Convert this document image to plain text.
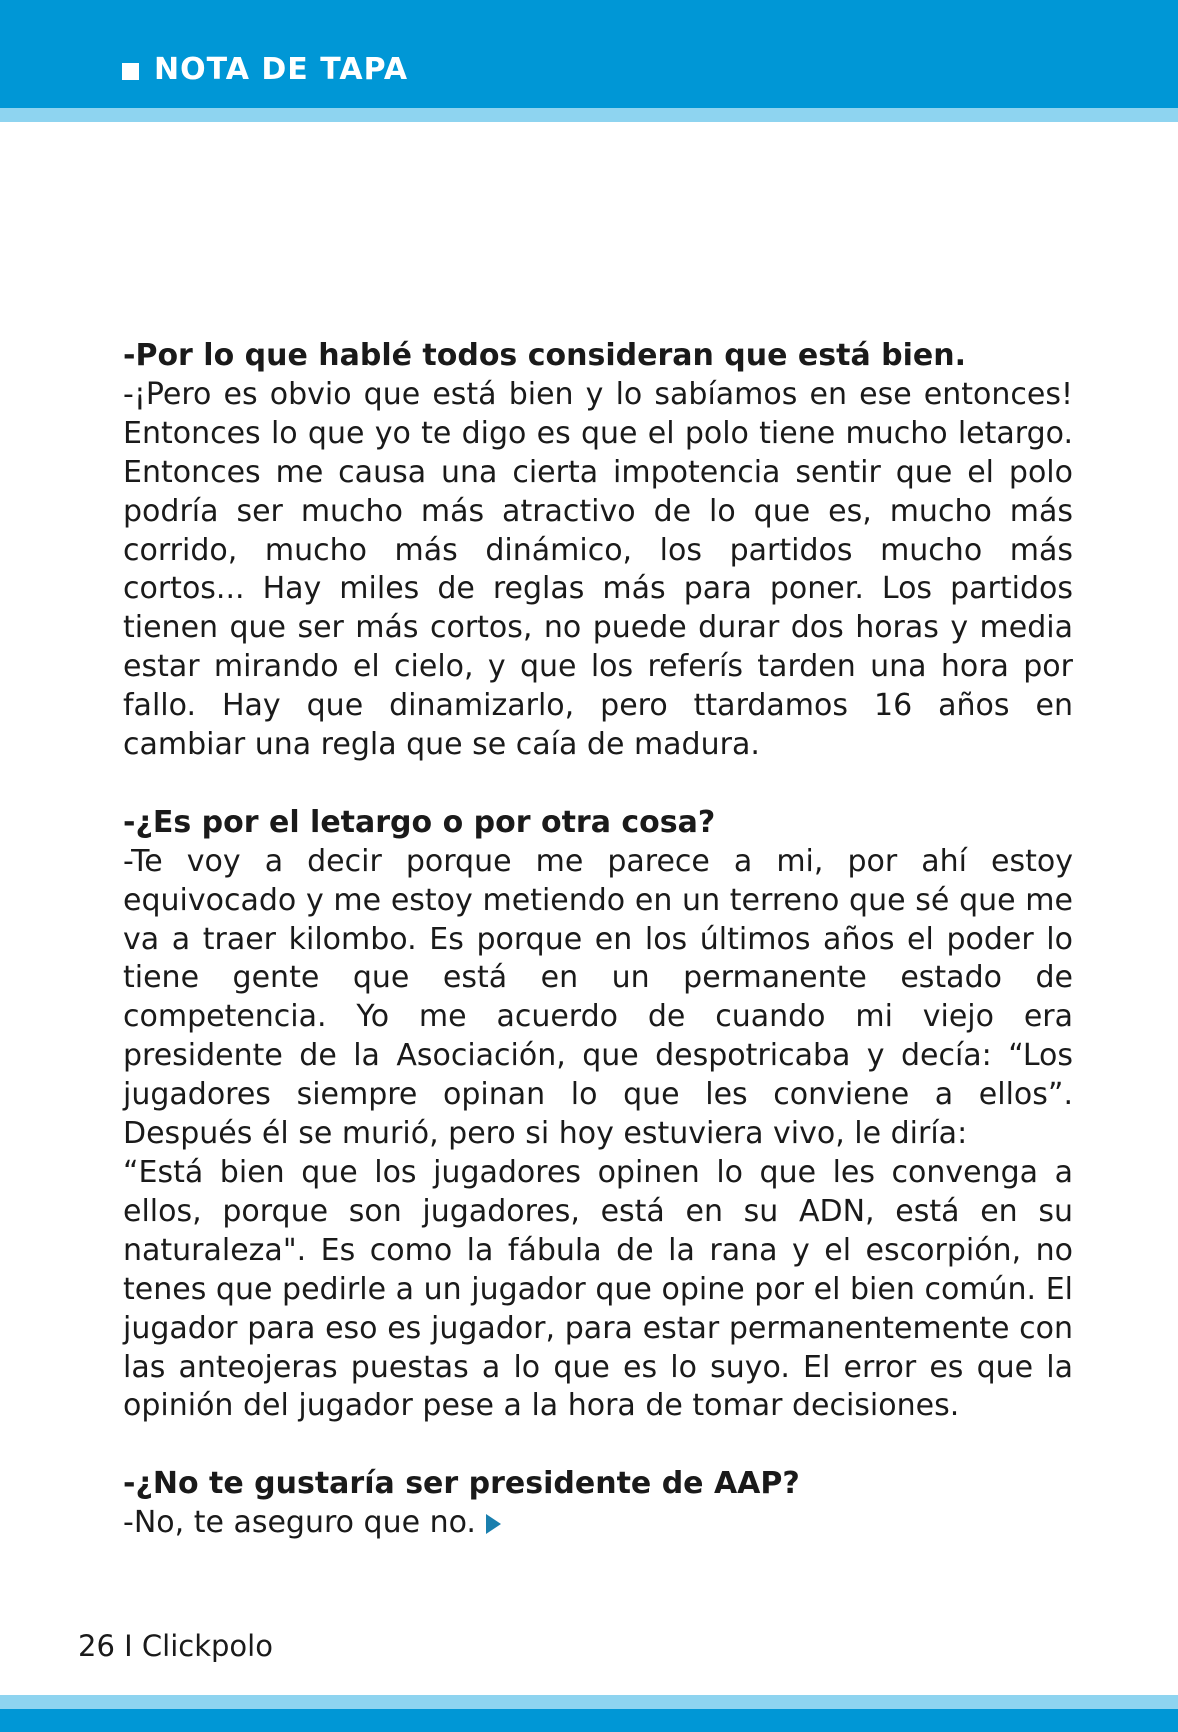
NOTA DE TAPA

-Por lo que hablé todos consideran que está bien.

-¡Pero es obvio que está bien y lo sabíamos en ese entonces! Entonces lo que yo te digo es que el polo tiene mucho letargo. Entonces me causa una cierta impotencia sentir que el polo podría ser mucho más atractivo de lo que es, mucho más corrido, mucho más dinámico, los partidos mucho más cortos... Hay miles de reglas más para poner. Los partidos tienen que ser más cortos, no puede durar dos horas y media estar mirando el cielo, y que los referís tarden una hora por fallo. Hay que dinamizarlo, pero ttardamos 16 años en cambiar una regla que se caía de madura.

-¿Es por el letargo o por otra cosa?

-Te voy a decir porque me parece a mi, por ahí estoy equivocado y me estoy metiendo en un terreno que sé que me va a traer kilombo. Es porque en los últimos años el poder lo tiene gente que está en un permanente estado de competencia. Yo me acuerdo de cuando mi viejo era presidente de la Asociación, que despotricaba y decía: “Los jugadores siempre opinan lo que les conviene a ellos”. Después él se murió, pero si hoy estuviera vivo, le diría:

“Está bien que los jugadores opinen lo que les convenga a ellos, porque son jugadores, está en su ADN, está en su naturaleza". Es como la fábula de la rana y el escorpión, no tenes que pedirle a un jugador que opine por el bien común. El jugador para eso es jugador, para estar permanentemente con las anteojeras puestas a lo que es lo suyo. El error es que la opinión del jugador pese a la hora de tomar decisiones.

-¿No te gustaría ser presidente de AAP?

-No, te aseguro que no.

26 I Clickpolo
